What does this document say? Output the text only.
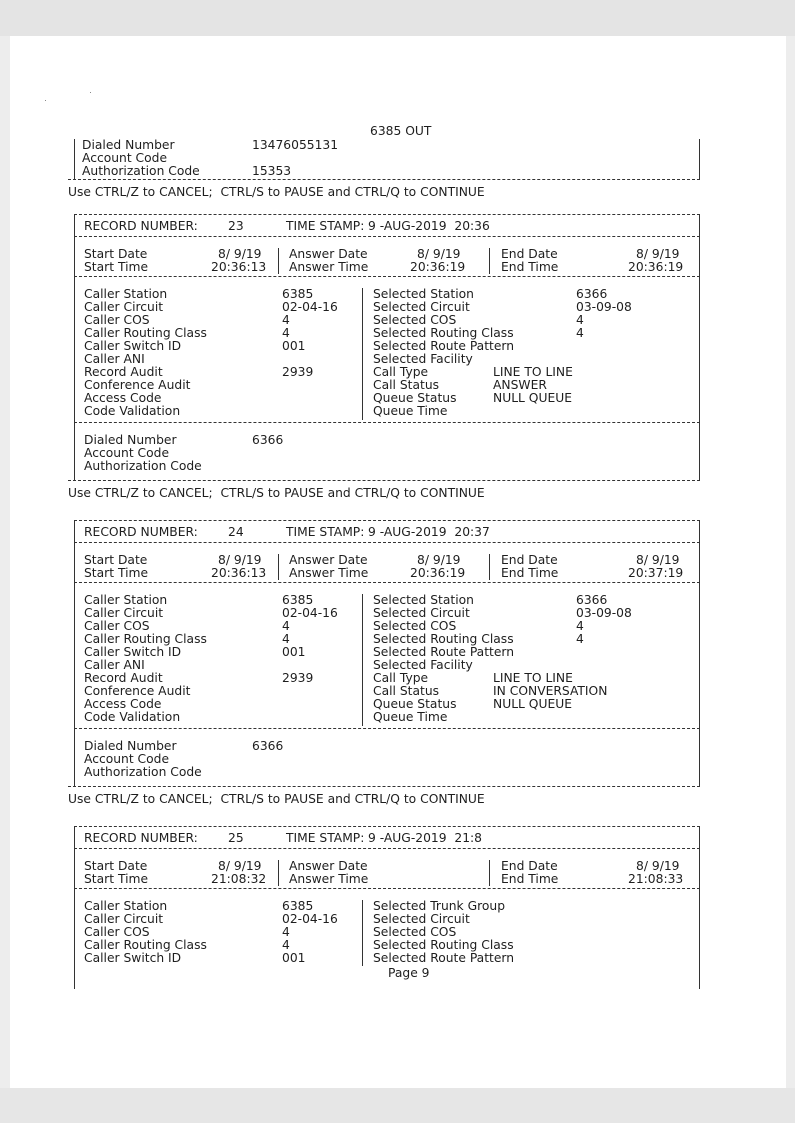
6385 OUT
Dialed Number	13476055131
Account Code
Authorization Code	15353
Use CTRL/Z to CANCEL;  CTRL/S to PAUSE and CTRL/Q to CONTINUE
RECORD NUMBER: 23	TIME STAMP: 9 -AUG-2019  20:36
Start Date	8/ 9/19
Start Time	20:36:13
Answer Date	8/ 9/19
Answer Time	20:36:19
End Date	8/ 9/19
End Time	20:36:19
Caller Station	6385
Caller Circuit	02-04-16
Caller COS	4
Caller Routing Class	4
Caller Switch ID	001
Caller ANI
Record Audit	2939
Conference Audit
Access Code
Code Validation
Selected Station	6366
Selected Circuit	03-09-08
Selected COS	4
Selected Routing Class	4
Selected Route Pattern
Selected Facility
Call Type	LINE TO LINE
Call Status	ANSWER
Queue Status	NULL QUEUE
Queue Time
Dialed Number	6366
Account Code
Authorization Code
Use CTRL/Z to CANCEL;  CTRL/S to PAUSE and CTRL/Q to CONTINUE
RECORD NUMBER: 24	TIME STAMP: 9 -AUG-2019  20:37
Start Date	8/ 9/19
Start Time	20:36:13
Answer Date	8/ 9/19
Answer Time	20:36:19
End Date	8/ 9/19
End Time	20:37:19
Caller Station	6385
Caller Circuit	02-04-16
Caller COS	4
Caller Routing Class	4
Caller Switch ID	001
Caller ANI
Record Audit	2939
Conference Audit
Access Code
Code Validation
Selected Station	6366
Selected Circuit	03-09-08
Selected COS	4
Selected Routing Class	4
Selected Route Pattern
Selected Facility
Call Type	LINE TO LINE
Call Status	IN CONVERSATION
Queue Status	NULL QUEUE
Queue Time
Dialed Number	6366
Account Code
Authorization Code
Use CTRL/Z to CANCEL;  CTRL/S to PAUSE and CTRL/Q to CONTINUE
RECORD NUMBER: 25	TIME STAMP: 9 -AUG-2019  21:8
Start Date	8/ 9/19
Start Time	21:08:32
Answer Date
Answer Time
End Date	8/ 9/19
End Time	21:08:33
Caller Station	6385
Caller Circuit	02-04-16
Caller COS	4
Caller Routing Class	4
Caller Switch ID	001
Selected Trunk Group
Selected Circuit
Selected COS
Selected Routing Class
Selected Route Pattern
Page 9
